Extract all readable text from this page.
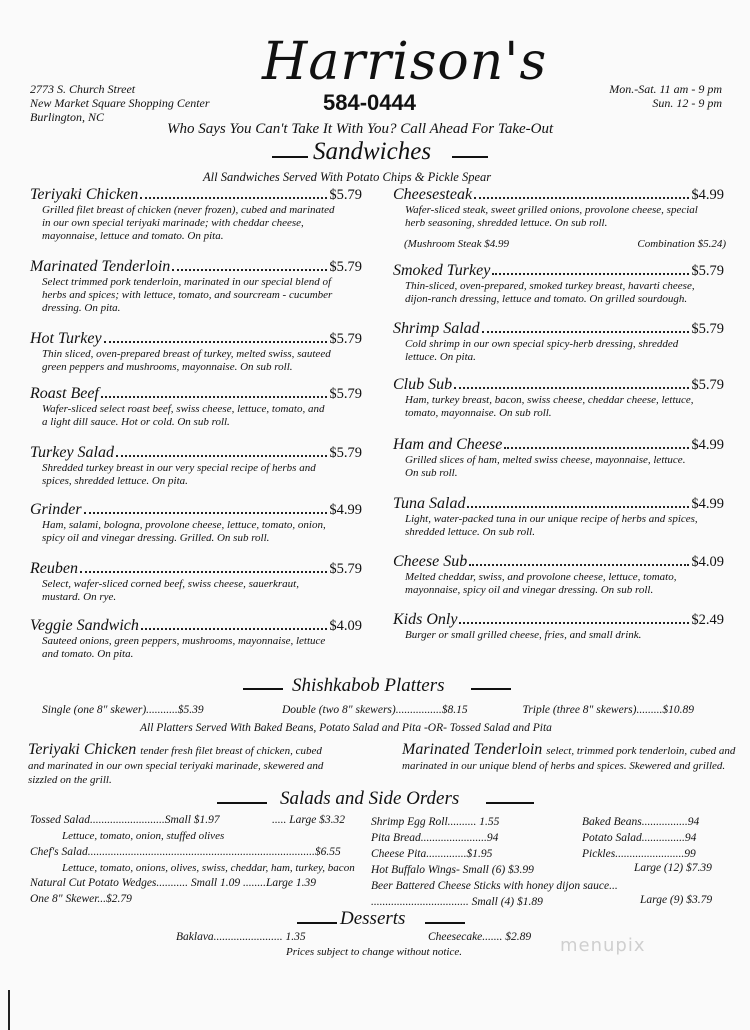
2773 S. Church Street
New Market Square Shopping Center
Burlington, NC
Harrison's
584-0444
Mon.-Sat. 11 am - 9 pm
Sun. 12 - 9 pm
Who Says You Can't Take It With You? Call Ahead For Take-Out
Sandwiches
All Sandwiches Served With Potato Chips & Pickle Spear
Teriyaki Chicken	$5.79
Grilled filet breast of chicken (never frozen), cubed and marinated
in our own special teriyaki marinade; with cheddar cheese,
mayonnaise, lettuce and tomato. On pita.
Marinated Tenderloin	$5.79
Select trimmed pork tenderloin, marinated in our special blend of
herbs and spices; with lettuce, tomato, and sourcream - cucumber
dressing. On pita.
Hot Turkey	$5.79
Thin sliced, oven-prepared breast of turkey, melted swiss, sauteed
green peppers and mushrooms, mayonnaise. On sub roll.
Roast Beef	$5.79
Wafer-sliced select roast beef, swiss cheese, lettuce, tomato, and
a light dill sauce. Hot or cold. On sub roll.
Turkey Salad	$5.79
Shredded turkey breast in our very special recipe of herbs and
spices, shredded lettuce. On pita.
Grinder	$4.99
Ham, salami, bologna, provolone cheese, lettuce, tomato, onion,
spicy oil and vinegar dressing. Grilled. On sub roll.
Reuben	$5.79
Select, wafer-sliced corned beef, swiss cheese, sauerkraut,
mustard. On rye.
Veggie Sandwich	$4.09
Sauteed onions, green peppers, mushrooms, mayonnaise, lettuce
and tomato. On pita.
Cheesesteak	$4.99
Wafer-sliced steak, sweet grilled onions, provolone cheese, special
herb seasoning, shredded lettuce. On sub roll.
Smoked Turkey	$5.79
Thin-sliced, oven-prepared, smoked turkey breast, havarti cheese,
dijon-ranch dressing, lettuce and tomato. On grilled sourdough.
Shrimp Salad	$5.79
Cold shrimp in our own special spicy-herb dressing, shredded
lettuce. On pita.
Club Sub	$5.79
Ham, turkey breast, bacon, swiss cheese, cheddar cheese, lettuce,
tomato, mayonnaise. On sub roll.
Ham and Cheese	$4.99
Grilled slices of ham, melted swiss cheese, mayonnaise, lettuce.
On sub roll.
Tuna Salad	$4.99
Light, water-packed tuna in our unique recipe of herbs and spices,
shredded lettuce. On sub roll.
Cheese Sub	$4.09
Melted cheddar, swiss, and provolone cheese, lettuce, tomato,
mayonnaise, spicy oil and vinegar dressing. On sub roll.
Kids Only	$2.49
Burger or small grilled cheese, fries, and small drink.
(Mushroom Steak $4.99	Combination $5.24)
Shishkabob Platters
Single (one 8" skewer)...........$5.39	Double (two 8" skewers)................$8.15	Triple (three 8" skewers).........$10.89
All Platters Served With Baked Beans, Potato Salad and Pita -OR- Tossed Salad and Pita
Teriyaki Chicken tender fresh filet breast of chicken, cubed
and marinated in our own special teriyaki marinade, skewered and
sizzled on the grill.
Marinated Tenderloin select, trimmed pork tenderloin, cubed and
marinated in our unique blend of herbs and spices. Skewered and grilled.
Salads and Side Orders
Tossed Salad..........................Small $1.97	..... Large $3.32
Lettuce, tomato, onion, stuffed olives
Chef's Salad...............................................................................$6.55
Lettuce, tomato, onions, olives, swiss, cheddar, ham, turkey, bacon
Natural Cut Potato Wedges........... Small 1.09 ........Large 1.39
One 8" Skewer...$2.79
Shrimp Egg Roll.......... 1.55
Pita Bread.......................94
Cheese Pita..............$1.95
Hot Buffalo Wings- Small (6) $3.99
Beer Battered Cheese Sticks with honey dijon sauce...
.................................. Small (4) $1.89
Large (12) $7.39
Large (9) $3.79
Baked Beans................94
Potato Salad...............94
Pickles........................99
Desserts
Baklava........................ 1.35	Cheesecake....... $2.89
Prices subject to change without notice.	menupix
